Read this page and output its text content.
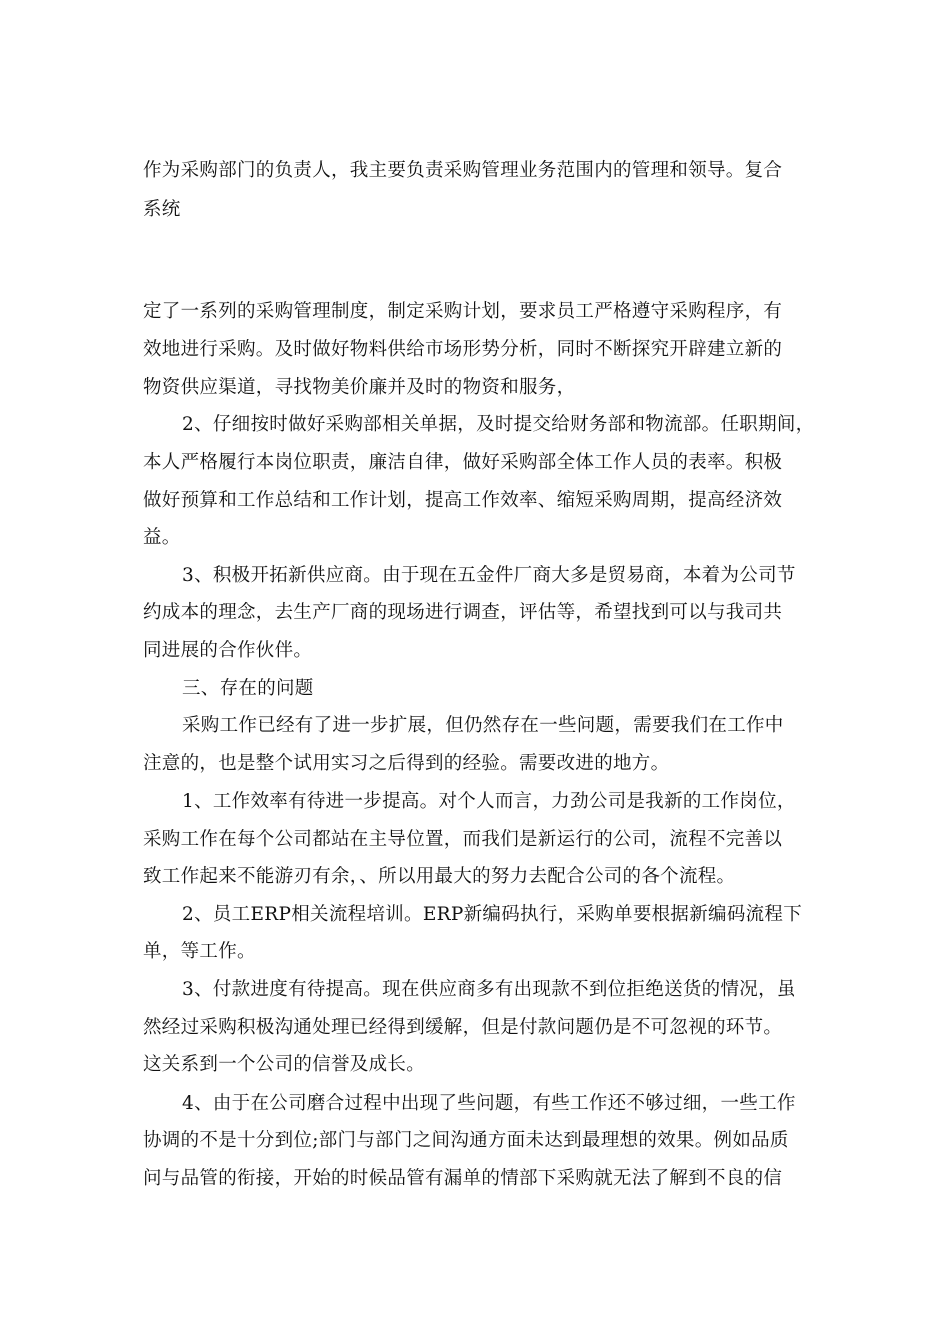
作为采购部门的负责人，我主要负责采购管理业务范围内的管理和领导。复合
系统
定了一系列的采购管理制度，制定采购计划，要求员工严格遵守采购程序，有
效地进行采购。及时做好物料供给市场形势分析，同时不断探究开辟建立新的
物资供应渠道，寻找物美价廉并及时的物资和服务，
2、仔细按时做好采购部相关单据，及时提交给财务部和物流部。任职期间，
本人严格履行本岗位职责，廉洁自律，做好采购部全体工作人员的表率。积极
做好预算和工作总结和工作计划，提高工作效率、缩短采购周期，提高经济效
益。
3、积极开拓新供应商。由于现在五金件厂商大多是贸易商，本着为公司节
约成本的理念，去生产厂商的现场进行调查，评估等，希望找到可以与我司共
同进展的合作伙伴。
三、存在的问题
采购工作已经有了进一步扩展，但仍然存在一些问题，需要我们在工作中
注意的，也是整个试用实习之后得到的经验。需要改进的地方。
1、工作效率有待进一步提高。对个人而言，力劲公司是我新的工作岗位，
采购工作在每个公司都站在主导位置，而我们是新运行的公司，流程不完善以
致工作起来不能游刃有余，、所以用最大的努力去配合公司的各个流程。
2、员工ERP相关流程培训。ERP新编码执行，采购单要根据新编码流程下
单，等工作。
3、付款进度有待提高。现在供应商多有出现款不到位拒绝送货的情况，虽
然经过采购积极沟通处理已经得到缓解，但是付款问题仍是不可忽视的环节。
这关系到一个公司的信誉及成长。
4、由于在公司磨合过程中出现了些问题，有些工作还不够过细，一些工作
协调的不是十分到位;部门与部门之间沟通方面未达到最理想的效果。例如品质
问与品管的衔接，开始的时候品管有漏单的情部下采购就无法了解到不良的信
